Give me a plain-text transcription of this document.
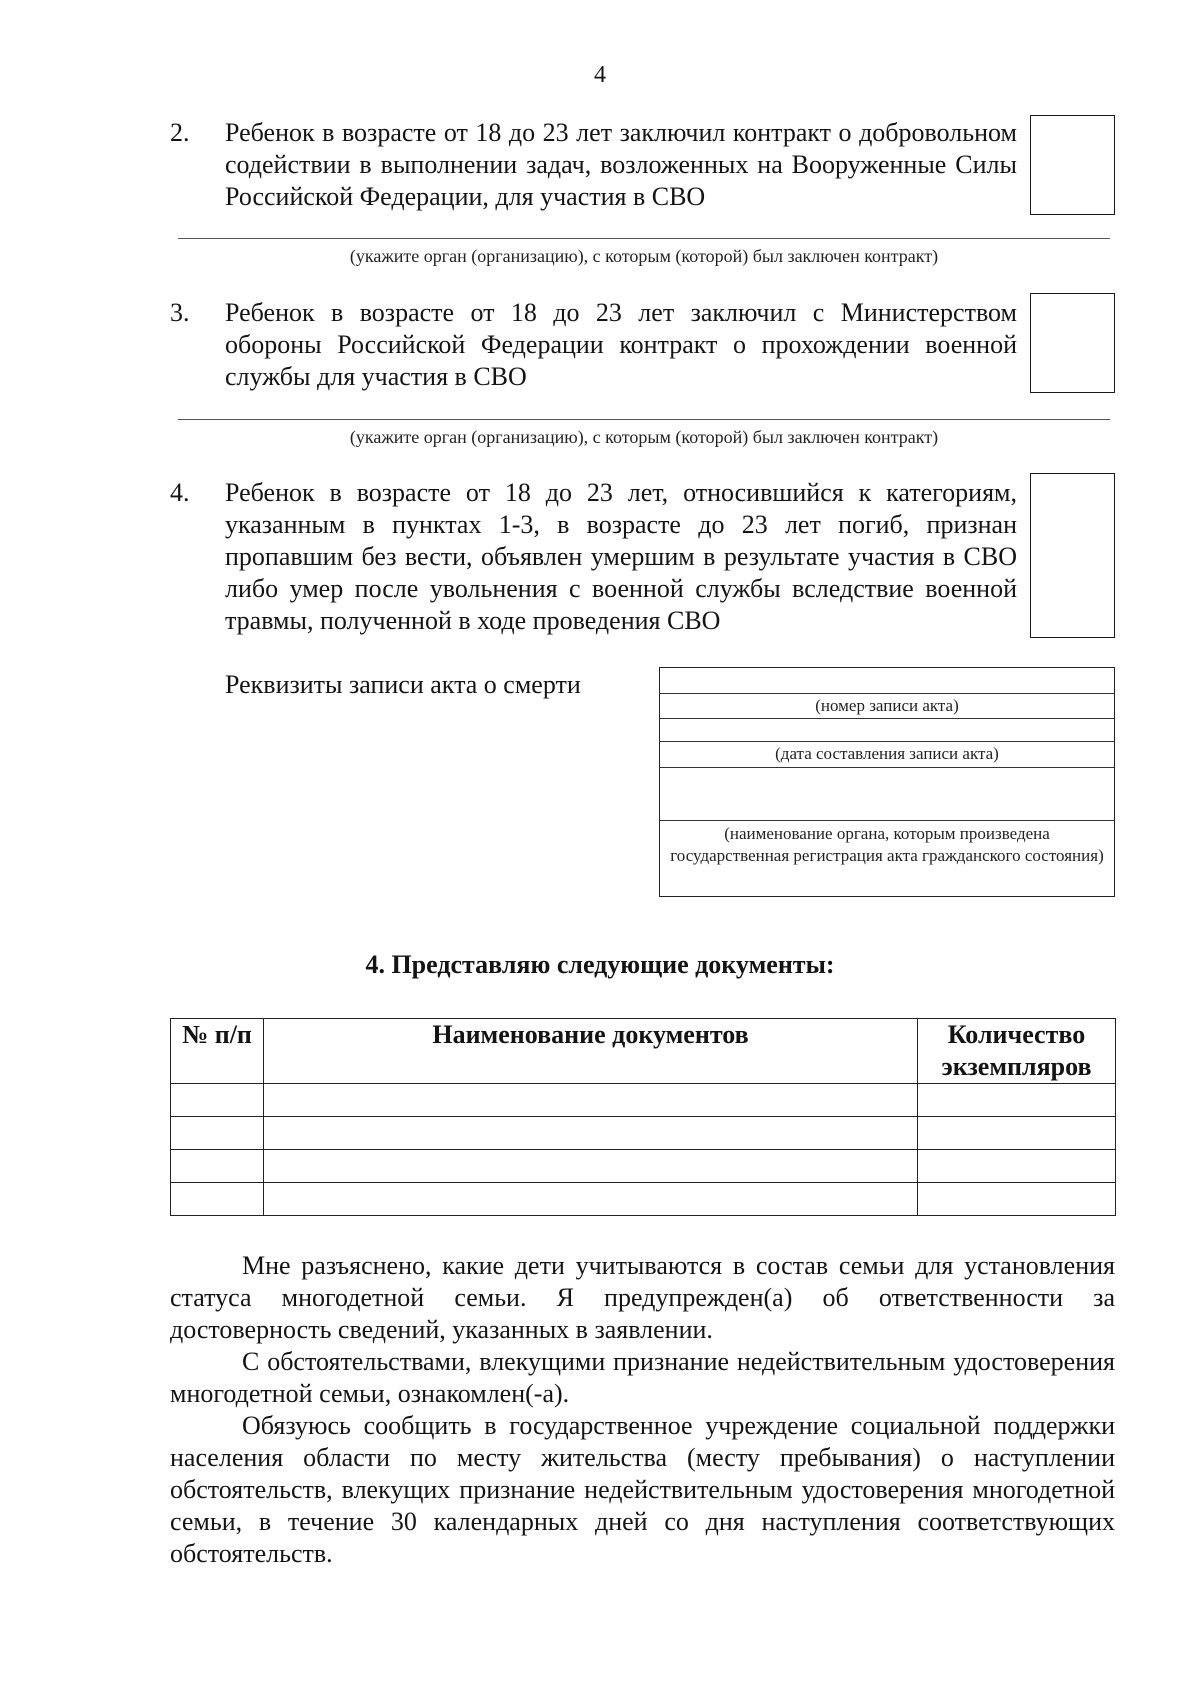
4
2. Ребенок в возрасте от 18 до 23 лет заключил контракт о добровольном содействии в выполнении задач, возложенных на Вооруженные Силы Российской Федерации, для участия в СВО
(укажите орган (организацию), с которым (которой) был заключен контракт)
3. Ребенок в возрасте от 18 до 23 лет заключил с Министерством обороны Российской Федерации контракт о прохождении военной службы для участия в СВО
(укажите орган (организацию), с которым (которой) был заключен контракт)
4. Ребенок в возрасте от 18 до 23 лет, относившийся к категориям, указанным в пунктах 1-3, в возрасте до 23 лет погиб, признан пропавшим без вести, объявлен умершим в результате участия в СВО либо умер после увольнения с военной службы вследствие военной травмы, полученной в ходе проведения СВО
Реквизиты записи акта о смерти
(номер записи акта)
(дата составления записи акта)
(наименование органа, которым произведена государственная регистрация акта гражданского состояния)
4. Представляю следующие документы:
№ п/п	Наименование документов	Количество экземпляров

Мне разъяснено, какие дети учитываются в состав семьи для установления статуса многодетной семьи. Я предупрежден(а) об ответственности за достоверность сведений, указанных в заявлении.
С обстоятельствами, влекущими признание недействительным удостоверения многодетной семьи, ознакомлен(-а).
Обязуюсь сообщить в государственное учреждение социальной поддержки населения области по месту жительства (месту пребывания) о наступлении обстоятельств, влекущих признание недействительным удостоверения многодетной семьи, в течение 30 календарных дней со дня наступления соответствующих обстоятельств.
